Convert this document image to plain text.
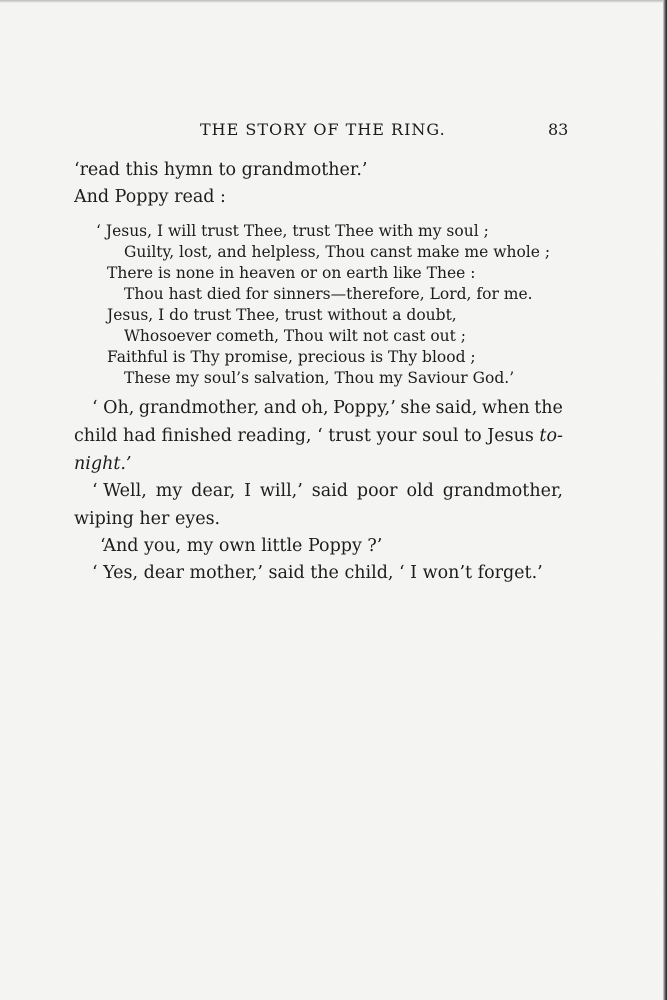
THE STORY OF THE RING.	83
‘read this hymn to grandmother.’
And Poppy read :
‘ Jesus, I will trust Thee, trust Thee with my soul ;
Guilty, lost, and helpless, Thou canst make me whole ;
There is none in heaven or on earth like Thee :
Thou hast died for sinners—therefore, Lord, for me.
Jesus, I do trust Thee, trust without a doubt,
Whosoever cometh, Thou wilt not cast out ;
Faithful is Thy promise, precious is Thy blood ;
These my soul’s salvation, Thou my Saviour God.’
‘ Oh, grandmother, and oh, Poppy,’ she said, when the
child had finished reading, ‘ trust your soul to Jesus to-
night.’
‘ Well, my dear, I will,’ said poor old grandmother,
wiping her eyes.
‘And you, my own little Poppy ?’
‘ Yes, dear mother,’ said the child, ‘ I won’t forget.’
